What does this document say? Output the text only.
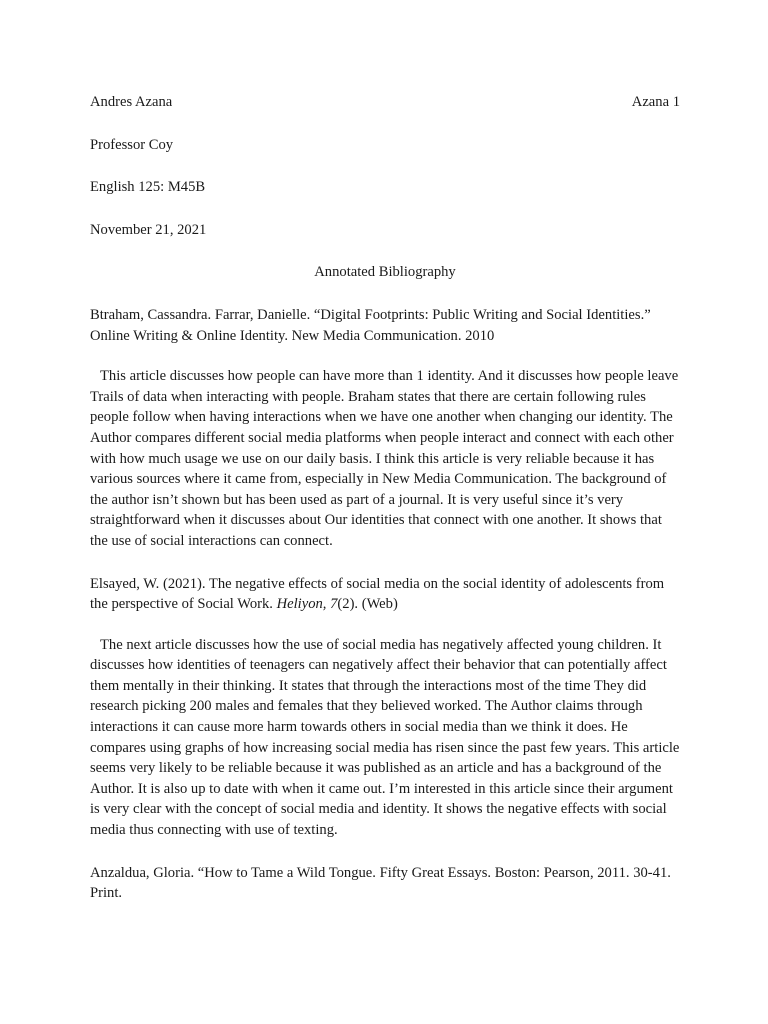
Andres Azana	Azana 1

Professor Coy

English 125: M45B

November 21, 2021

Annotated Bibliography

Btraham, Cassandra. Farrar, Danielle. “Digital Footprints: Public Writing and Social Identities.” Online Writing & Online Identity. New Media Communication. 2010

This article discusses how people can have more than 1 identity. And it discusses how people leave Trails of data when interacting with people. Braham states that there are certain following rules people follow when having interactions when we have one another when changing our identity. The Author compares different social media platforms when people interact and connect with each other with how much usage we use on our daily basis. I think this article is very reliable because it has various sources where it came from, especially in New Media Communication. The background of the author isn’t shown but has been used as part of a journal. It is very useful since it’s very straightforward when it discusses about Our identities that connect with one another. It shows that the use of social interactions can connect.

Elsayed, W. (2021). The negative effects of social media on the social identity of adolescents from the perspective of Social Work. Heliyon, 7(2). (Web)

The next article discusses how the use of social media has negatively affected young children. It discusses how identities of teenagers can negatively affect their behavior that can potentially affect them mentally in their thinking. It states that through the interactions most of the time They did research picking 200 males and females that they believed worked. The Author claims through interactions it can cause more harm towards others in social media than we think it does. He compares using graphs of how increasing social media has risen since the past few years. This article seems very likely to be reliable because it was published as an article and has a background of the Author. It is also up to date with when it came out. I’m interested in this article since their argument is very clear with the concept of social media and identity. It shows the negative effects with social media thus connecting with use of texting.

Anzaldua, Gloria. “How to Tame a Wild Tongue. Fifty Great Essays. Boston: Pearson, 2011. 30-41. Print.
